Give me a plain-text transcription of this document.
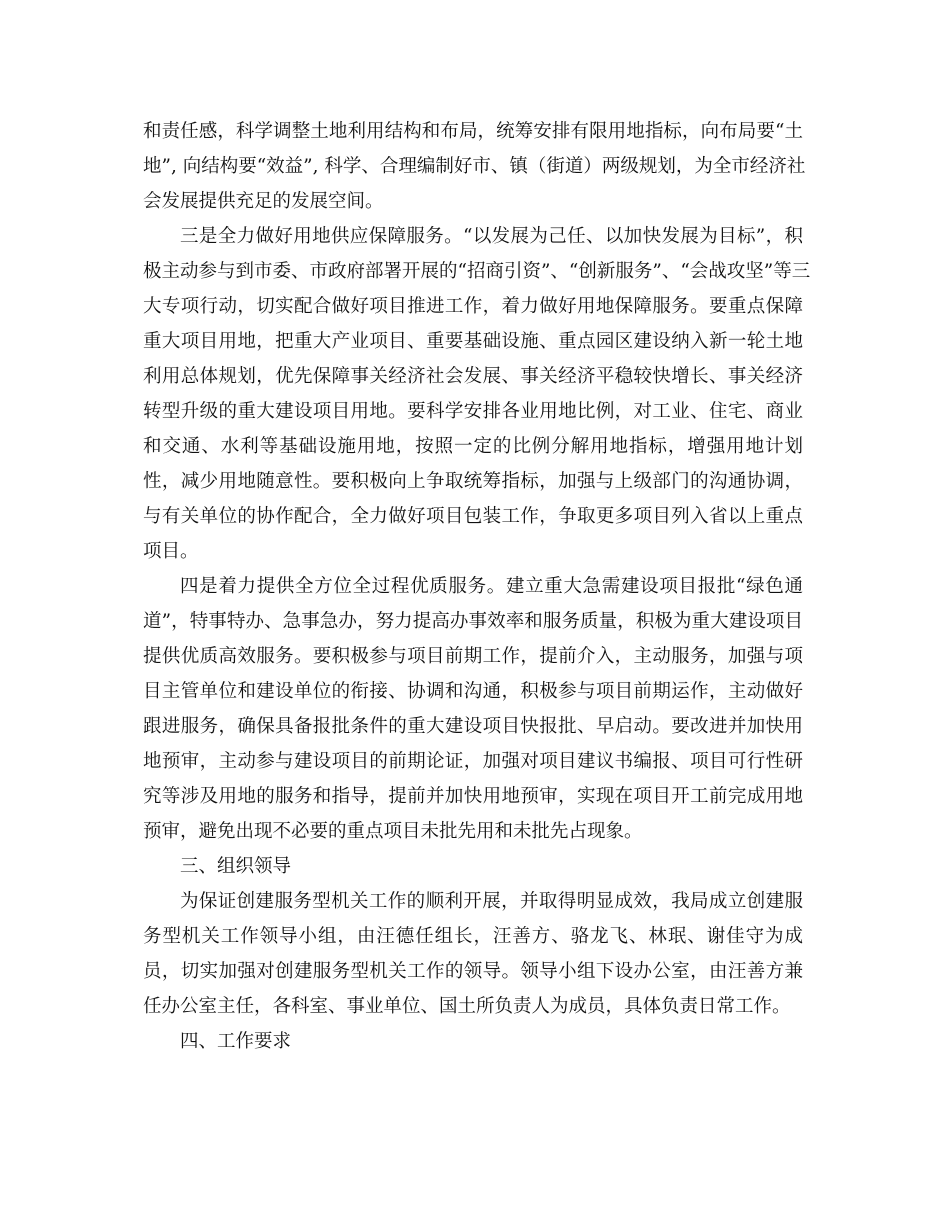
和责任感，科学调整土地利用结构和布局，统筹安排有限用地指标，向布局要“土
地”, 向结构要“效益”, 科学、合理编制好市、镇（街道）两级规划，为全市经济社
会发展提供充足的发展空间。
三是全力做好用地供应保障服务。“以发展为己任、以加快发展为目标”，积
极主动参与到市委、市政府部署开展的“招商引资”、“创新服务”、“会战攻坚”等三
大专项行动，切实配合做好项目推进工作，着力做好用地保障服务。要重点保障
重大项目用地，把重大产业项目、重要基础设施、重点园区建设纳入新一轮土地
利用总体规划，优先保障事关经济社会发展、事关经济平稳较快增长、事关经济
转型升级的重大建设项目用地。要科学安排各业用地比例，对工业、住宅、商业
和交通、水利等基础设施用地，按照一定的比例分解用地指标，增强用地计划
性，减少用地随意性。要积极向上争取统筹指标，加强与上级部门的沟通协调，
与有关单位的协作配合，全力做好项目包装工作，争取更多项目列入省以上重点
项目。
四是着力提供全方位全过程优质服务。建立重大急需建设项目报批“绿色通
道”，特事特办、急事急办，努力提高办事效率和服务质量，积极为重大建设项目
提供优质高效服务。要积极参与项目前期工作，提前介入，主动服务，加强与项
目主管单位和建设单位的衔接、协调和沟通，积极参与项目前期运作，主动做好
跟进服务，确保具备报批条件的重大建设项目快报批、早启动。要改进并加快用
地预审，主动参与建设项目的前期论证，加强对项目建议书编报、项目可行性研
究等涉及用地的服务和指导，提前并加快用地预审，实现在项目开工前完成用地
预审，避免出现不必要的重点项目未批先用和未批先占现象。
三、组织领导
为保证创建服务型机关工作的顺利开展，并取得明显成效，我局成立创建服
务型机关工作领导小组，由汪德任组长，汪善方、骆龙飞、林珉、谢佳守为成
员，切实加强对创建服务型机关工作的领导。领导小组下设办公室，由汪善方兼
任办公室主任，各科室、事业单位、国土所负责人为成员，具体负责日常工作。
四、工作要求
